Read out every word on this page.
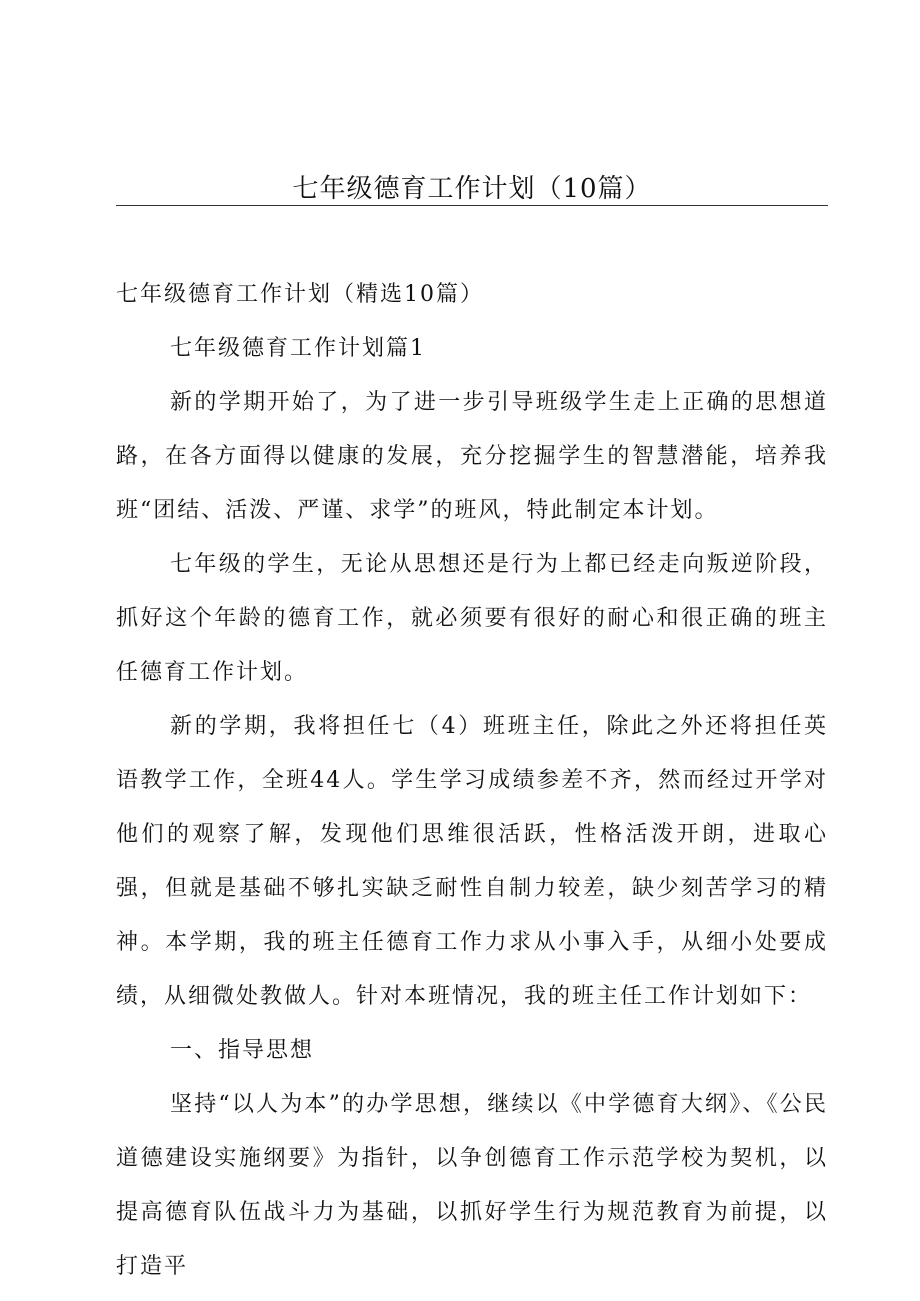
七年级德育工作计划（10篇）

七年级德育工作计划（精选10篇）

七年级德育工作计划篇1

新的学期开始了，为了进一步引导班级学生走上正确的思想道路，在各方面得以健康的发展，充分挖掘学生的智慧潜能，培养我班“团结、活泼、严谨、求学”的班风，特此制定本计划。

七年级的学生，无论从思想还是行为上都已经走向叛逆阶段，抓好这个年龄的德育工作，就必须要有很好的耐心和很正确的班主任德育工作计划。

新的学期，我将担任七（4）班班主任，除此之外还将担任英语教学工作，全班44人。学生学习成绩参差不齐，然而经过开学对他们的观察了解，发现他们思维很活跃，性格活泼开朗，进取心强，但就是基础不够扎实缺乏耐性自制力较差，缺少刻苦学习的精神。本学期，我的班主任德育工作力求从小事入手，从细小处要成绩，从细微处教做人。针对本班情况，我的班主任工作计划如下：

一、指导思想

坚持“以人为本”的办学思想，继续以《中学德育大纲》、《公民道德建设实施纲要》为指针，以争创德育工作示范学校为契机，以提高德育队伍战斗力为基础，以抓好学生行为规范教育为前提，以打造平
